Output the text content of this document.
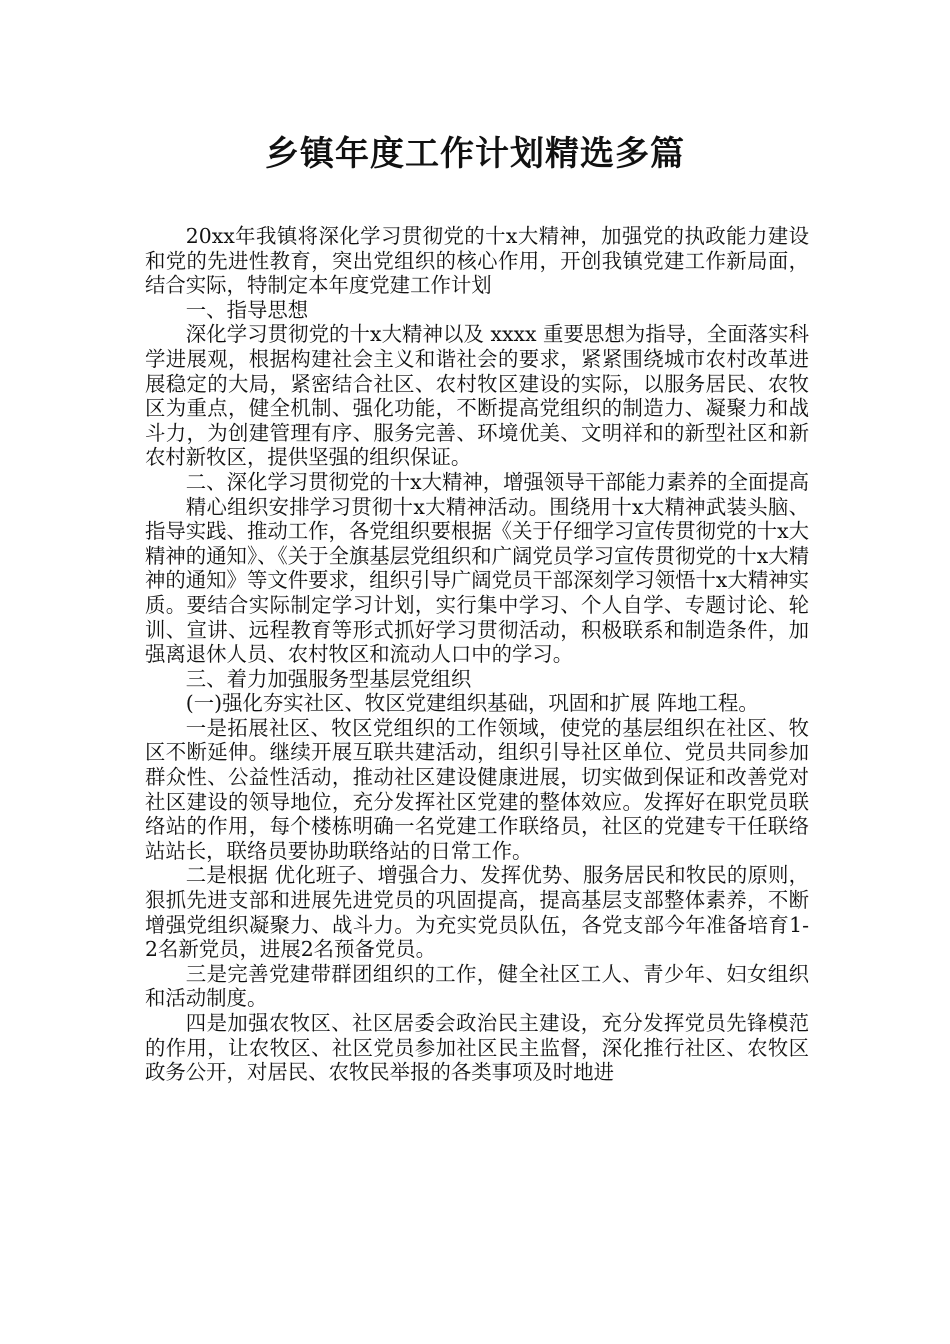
乡镇年度工作计划精选多篇

20xx年我镇将深化学习贯彻党的十x大精神，加强党的执政能力建设和党的先进性教育，突出党组织的核心作用，开创我镇党建工作新局面，结合实际，特制定本年度党建工作计划

一、指导思想

深化学习贯彻党的十x大精神以及 xxxx 重要思想为指导，全面落实科学进展观，根据构建社会主义和谐社会的要求，紧紧围绕城市农村改革进展稳定的大局，紧密结合社区、农村牧区建设的实际，以服务居民、农牧区为重点，健全机制、强化功能，不断提高党组织的制造力、凝聚力和战斗力，为创建管理有序、服务完善、环境优美、文明祥和的新型社区和新农村新牧区，提供坚强的组织保证。

二、深化学习贯彻党的十x大精神，增强领导干部能力素养的全面提高

精心组织安排学习贯彻十x大精神活动。围绕用十x大精神武装头脑、指导实践、推动工作，各党组织要根据《关于仔细学习宣传贯彻党的十x大精神的通知》、《关于全旗基层党组织和广阔党员学习宣传贯彻党的十x大精神的通知》等文件要求，组织引导广阔党员干部深刻学习领悟十x大精神实质。要结合实际制定学习计划，实行集中学习、个人自学、专题讨论、轮训、宣讲、远程教育等形式抓好学习贯彻活动，积极联系和制造条件，加强离退休人员、农村牧区和流动人口中的学习。

三、着力加强服务型基层党组织

(一)强化夯实社区、牧区党建组织基础，巩固和扩展 阵地工程。

一是拓展社区、牧区党组织的工作领域，使党的基层组织在社区、牧区不断延伸。继续开展互联共建活动，组织引导社区单位、党员共同参加群众性、公益性活动，推动社区建设健康进展，切实做到保证和改善党对社区建设的领导地位，充分发挥社区党建的整体效应。发挥好在职党员联络站的作用，每个楼栋明确一名党建工作联络员，社区的党建专干任联络站站长，联络员要协助联络站的日常工作。

二是根据 优化班子、增强合力、发挥优势、服务居民和牧民的原则，狠抓先进支部和进展先进党员的巩固提高，提高基层支部整体素养，不断增强党组织凝聚力、战斗力。为充实党员队伍，各党支部今年准备培育1-2名新党员，进展2名预备党员。

三是完善党建带群团组织的工作，健全社区工人、青少年、妇女组织和活动制度。

四是加强农牧区、社区居委会政治民主建设，充分发挥党员先锋模范的作用，让农牧区、社区党员参加社区民主监督，深化推行社区、农牧区政务公开，对居民、农牧民举报的各类事项及时地进
